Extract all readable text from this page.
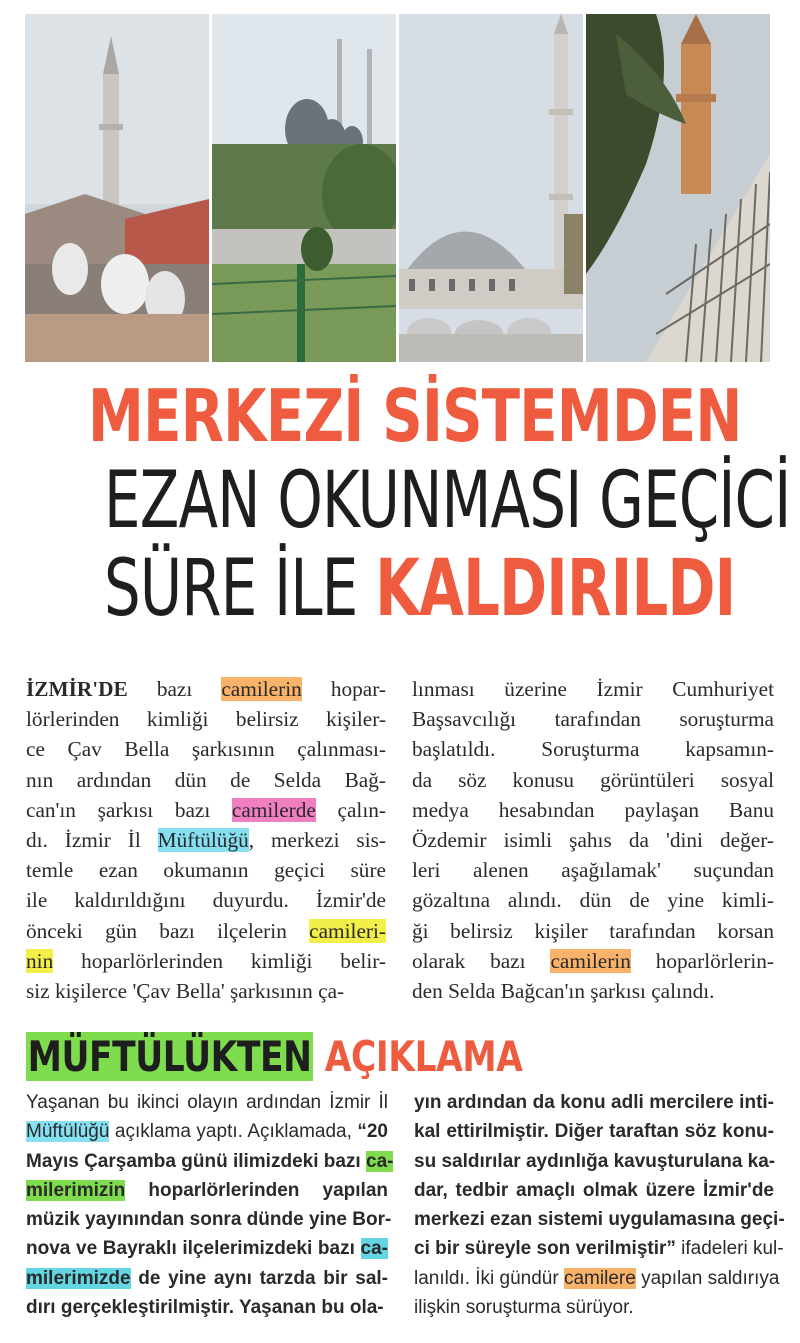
MERKEZİ SİSTEMDEN
EZAN OKUNMASI GEÇİCİ
SÜRE İLE KALDIRILDI
İZMİR'DE bazı camilerin hopar-
lörlerinden kimliği belirsiz kişiler-
ce Çav Bella şarkısının çalınması-
nın ardından dün de Selda Bağ-
can'ın şarkısı bazı camilerde çalın-
dı. İzmir İl Müftülüğü, merkezi sis-
temle ezan okumanın geçici süre
ile kaldırıldığını duyurdu. İzmir'de
önceki gün bazı ilçelerin camileri-
nin hoparlörlerinden kimliği belir-
siz kişilerce 'Çav Bella' şarkısının ça-
lınması üzerine İzmir Cumhuriyet
Başsavcılığı tarafından soruşturma
başlatıldı. Soruşturma kapsamın-
da söz konusu görüntüleri sosyal
medya hesabından paylaşan Banu
Özdemir isimli şahıs da 'dini değer-
leri alenen aşağılamak' suçundan
gözaltına alındı. dün de yine kimli-
ği belirsiz kişiler tarafından korsan
olarak bazı camilerin hoparlörlerin-
den Selda Bağcan'ın şarkısı çalındı.
MÜFTÜLÜKTEN AÇIKLAMA
Yaşanan bu ikinci olayın ardından İzmir İl
Müftülüğü açıklama yaptı. Açıklamada, “20
Mayıs Çarşamba günü ilimizdeki bazı ca-
milerimizin hoparlörlerinden yapılan
müzik yayınından sonra dünde yine Bor-
nova ve Bayraklı ilçelerimizdeki bazı ca-
milerimizde de yine aynı tarzda bir sal-
dırı gerçekleştirilmiştir. Yaşanan bu ola-
yın ardından da konu adli mercilere inti-
kal ettirilmiştir. Diğer taraftan söz konu-
su saldırılar aydınlığa kavuşturulana ka-
dar, tedbir amaçlı olmak üzere İzmir'de
merkezi ezan sistemi uygulamasına geçi-
ci bir süreyle son verilmiştir” ifadeleri kul-
lanıldı. İki gündür camilere yapılan saldırıya
ilişkin soruşturma sürüyor.
